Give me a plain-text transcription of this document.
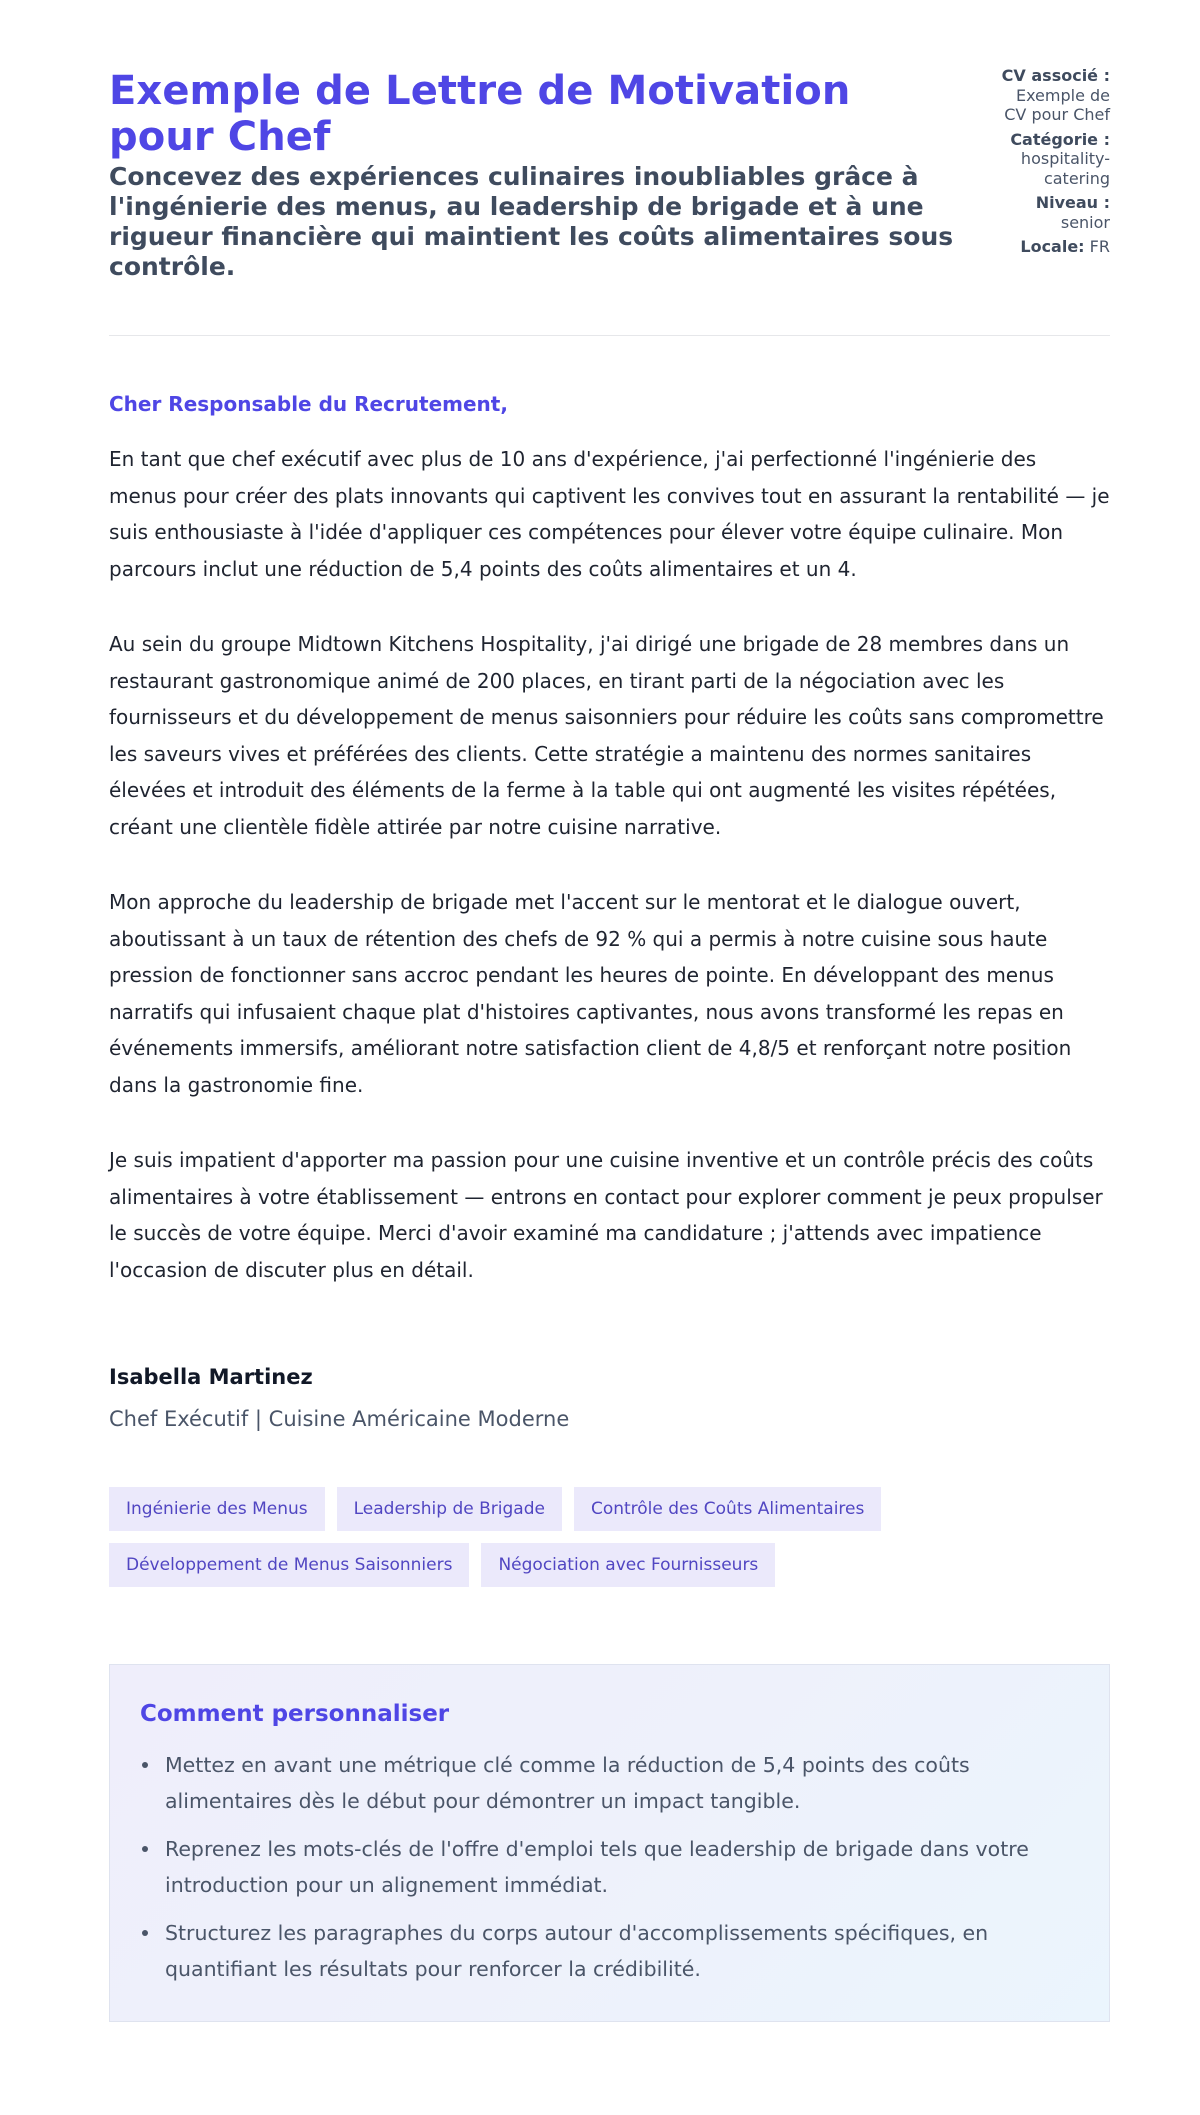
Exemple de Lettre de Motivation pour Chef

Concevez des expériences culinaires inoubliables grâce à l'ingénierie des menus, au leadership de brigade et à une rigueur financière qui maintient les coûts alimentaires sous contrôle.

CV associé : Exemple de CV pour Chef
Catégorie : hospitality-catering
Niveau : senior
Locale: FR
Cher Responsable du Recrutement,

En tant que chef exécutif avec plus de 10 ans d'expérience, j'ai perfectionné l'ingénierie des menus pour créer des plats innovants qui captivent les convives tout en assurant la rentabilité — je suis enthousiaste à l'idée d'appliquer ces compétences pour élever votre équipe culinaire. Mon parcours inclut une réduction de 5,4 points des coûts alimentaires et un 4.

Au sein du groupe Midtown Kitchens Hospitality, j'ai dirigé une brigade de 28 membres dans un restaurant gastronomique animé de 200 places, en tirant parti de la négociation avec les fournisseurs et du développement de menus saisonniers pour réduire les coûts sans compromettre les saveurs vives et préférées des clients. Cette stratégie a maintenu des normes sanitaires élevées et introduit des éléments de la ferme à la table qui ont augmenté les visites répétées, créant une clientèle fidèle attirée par notre cuisine narrative.

Mon approche du leadership de brigade met l'accent sur le mentorat et le dialogue ouvert, aboutissant à un taux de rétention des chefs de 92 % qui a permis à notre cuisine sous haute pression de fonctionner sans accroc pendant les heures de pointe. En développant des menus narratifs qui infusaient chaque plat d'histoires captivantes, nous avons transformé les repas en événements immersifs, améliorant notre satisfaction client de 4,8/5 et renforçant notre position dans la gastronomie fine.

Je suis impatient d'apporter ma passion pour une cuisine inventive et un contrôle précis des coûts alimentaires à votre établissement — entrons en contact pour explorer comment je peux propulser le succès de votre équipe. Merci d'avoir examiné ma candidature ; j'attends avec impatience l'occasion de discuter plus en détail.

Isabella Martinez
Chef Exécutif | Cuisine Américaine Moderne
Ingénierie des Menus	Leadership de Brigade	Contrôle des Coûts Alimentaires
Développement de Menus Saisonniers	Négociation avec Fournisseurs
Comment personnaliser
Mettez en avant une métrique clé comme la réduction de 5,4 points des coûts alimentaires dès le début pour démontrer un impact tangible.
Reprenez les mots-clés de l'offre d'emploi tels que leadership de brigade dans votre introduction pour un alignement immédiat.
Structurez les paragraphes du corps autour d'accomplissements spécifiques, en quantifiant les résultats pour renforcer la crédibilité.
